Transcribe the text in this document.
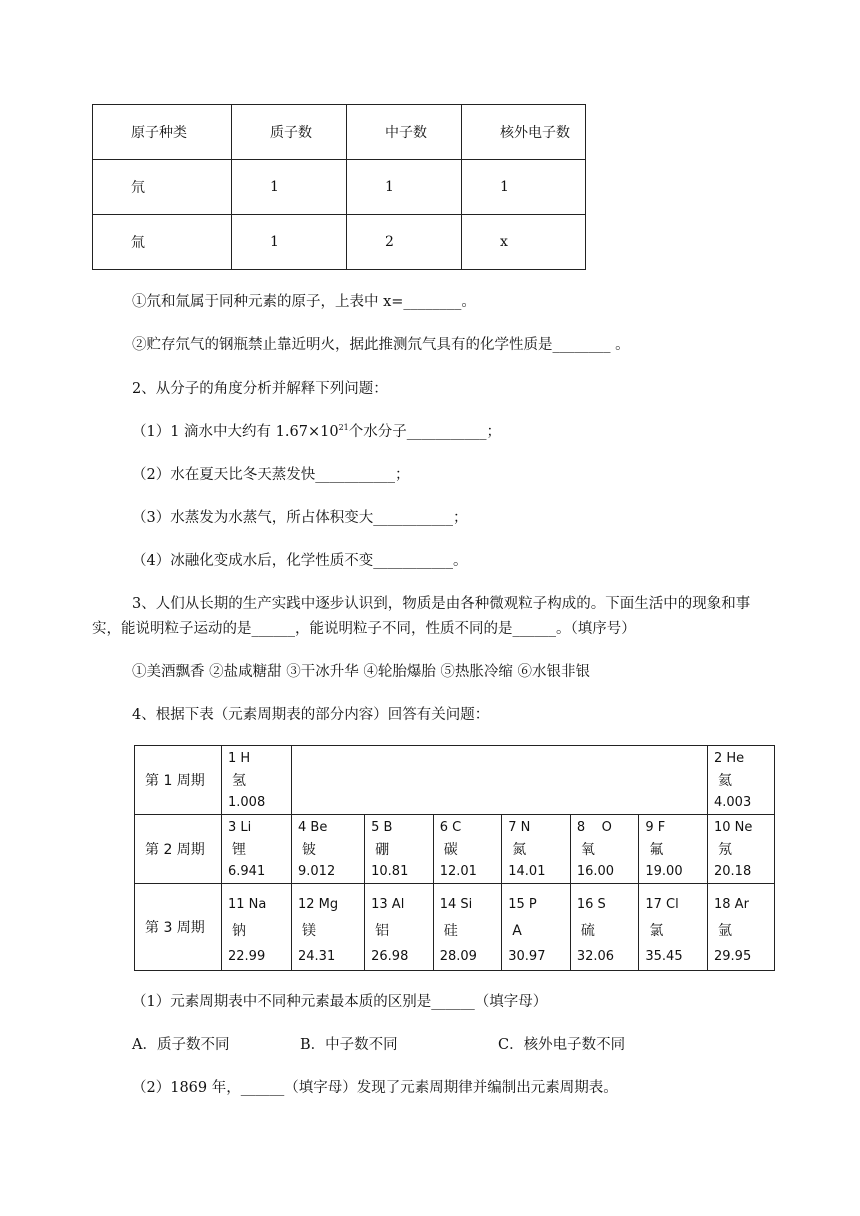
原子种类	质子数	中子数	核外电子数
氘	1	1	1
氚	1	2	x
①氘和氚属于同种元素的原子，上表中 x=________。
②贮存氘气的钢瓶禁止靠近明火，据此推测氘气具有的化学性质是________ 。
2、从分子的角度分析并解释下列问题：
（1）1 滴水中大约有 $1.67\times 10^{21}$个水分子___________；
（2）水在夏天比冬天蒸发快___________；
（3）水蒸发为水蒸气，所占体积变大___________；
（4）冰融化变成水后，化学性质不变___________。
3、人们从长期的生产实践中逐步认识到，物质是由各种微观粒子构成的。下面生活中的现象和事
实，能说明粒子运动的是______，能说明粒子不同，性质不同的是______。（填序号）
①美酒飘香 ②盐咸糖甜 ③干冰升华 ④轮胎爆胎 ⑤热胀冷缩 ⑥水银非银
4、根据下表（元素周期表的部分内容）回答有关问题：
第 1 周期	1 H
氢
1.008							2 He
氦
4.003
第 2 周期	3 Li
锂
6.941	4 Be
铍
9.012	5 B
硼
10.81	6 C
碳
12.01	7 N
氮
14.01	8    O
氧
16.00	9 F
氟
19.00	10 Ne
氖
20.18
第 3 周期	11 Na
钠
22.99	12 Mg
镁
24.31	13 Al
铝
26.98	14 Si
硅
28.09	15 P
A
30.97	16 S
硫
32.06	17 Cl
氯
35.45	18 Ar
氩
29.95
（1）元素周期表中不同种元素最本质的区别是______（填字母）
A．质子数不同	B．中子数不同	C．核外电子数不同
（2）1869 年，______（填字母）发现了元素周期律并编制出元素周期表。
